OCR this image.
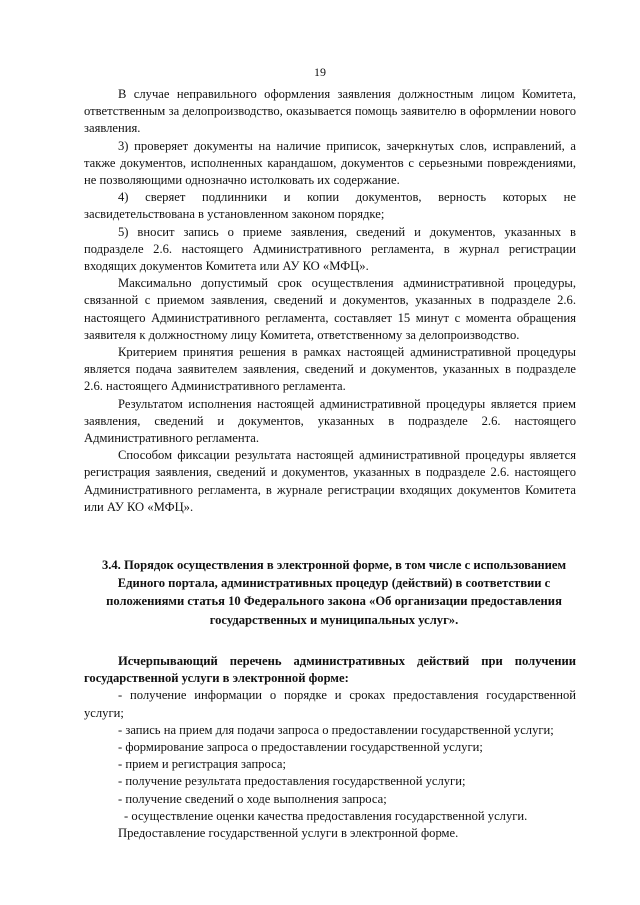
19

В случае неправильного оформления заявления должностным лицом Комитета, ответственным за делопроизводство, оказывается помощь заявителю в оформлении нового заявления.

3) проверяет документы на наличие приписок, зачеркнутых слов, исправлений, а также документов, исполненных карандашом, документов с серьезными повреждениями, не позволяющими однозначно истолковать их содержание.

4) сверяет подлинники и копии документов, верность которых не засвидетельствована в установленном законом порядке;

5) вносит запись о приеме заявления, сведений и документов, указанных в подразделе 2.6. настоящего Административного регламента, в журнал регистрации входящих документов Комитета или АУ КО «МФЦ».

Максимально допустимый срок осуществления административной процедуры, связанной с приемом заявления, сведений и документов, указанных в подразделе 2.6. настоящего Административного регламента, составляет 15 минут с момента обращения заявителя к должностному лицу Комитета, ответственному за делопроизводство.

Критерием принятия решения в рамках настоящей административной процедуры является подача заявителем заявления, сведений и документов, указанных в подразделе 2.6. настоящего Административного регламента.

Результатом исполнения настоящей административной процедуры является прием заявления, сведений и документов, указанных в подразделе 2.6. настоящего Административного регламента.

Способом фиксации результата настоящей административной процедуры является регистрация заявления, сведений и документов, указанных в подразделе 2.6. настоящего Административного регламента, в журнале регистрации входящих документов Комитета или АУ КО «МФЦ».

3.4. Порядок осуществления в электронной форме, в том числе с использованием Единого портала, административных процедур (действий) в соответствии с положениями статья 10 Федерального закона «Об организации предоставления государственных и муниципальных услуг».

Исчерпывающий перечень административных действий при получении государственной услуги в электронной форме:

- получение информации о порядке и сроках предоставления государственной услуги;
- запись на прием для подачи запроса о предоставлении государственной услуги;
- формирование запроса о предоставлении государственной услуги;
- прием и регистрация запроса;
- получение результата предоставления государственной услуги;
- получение сведений о ходе выполнения запроса;
- осуществление оценки качества предоставления государственной услуги.

Предоставление государственной услуги в электронной форме.
